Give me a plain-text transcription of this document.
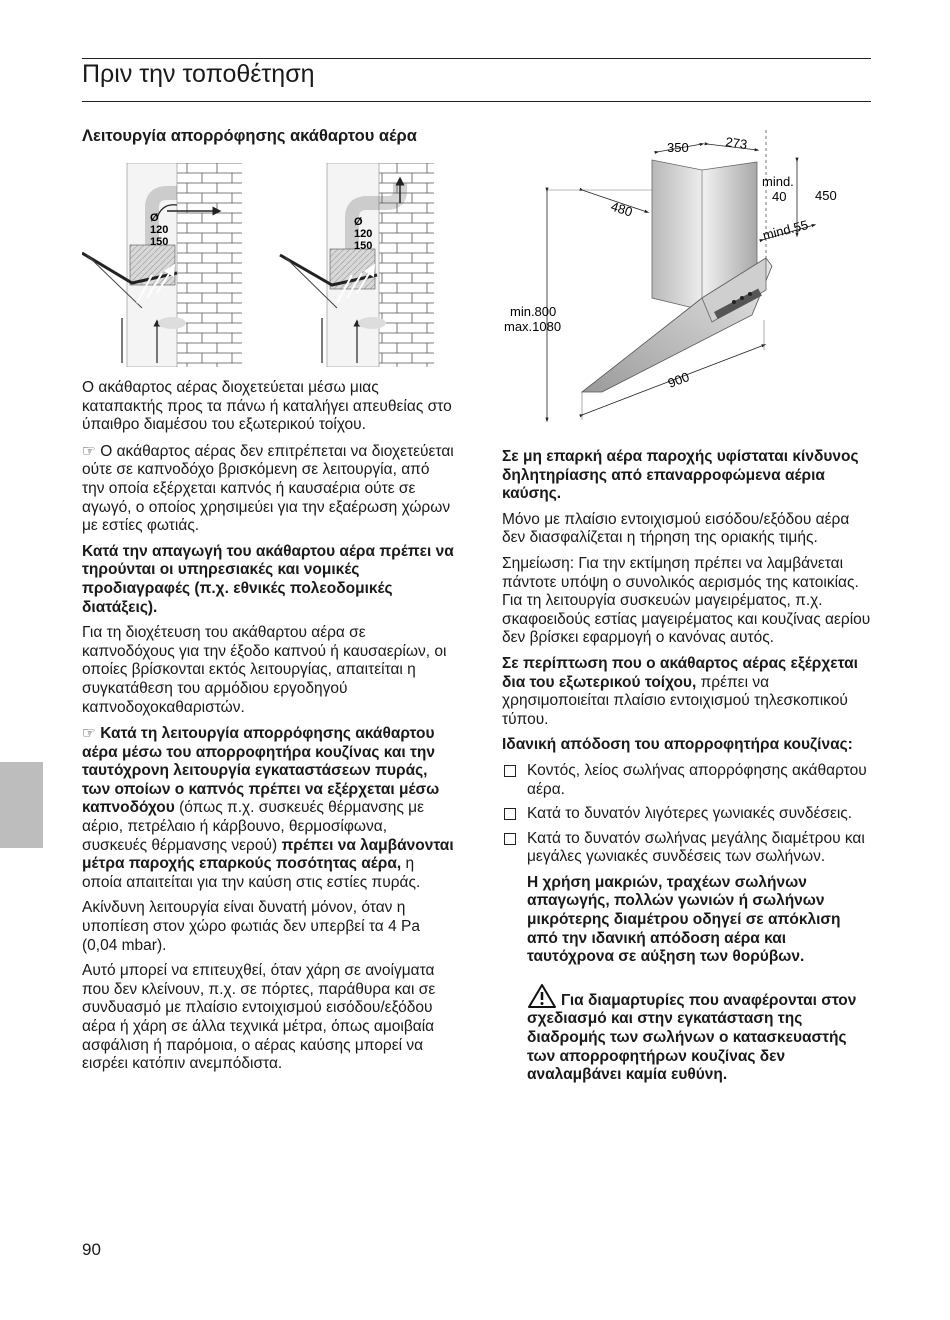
Πριν την τοποθέτηση
Λειτουργία απορρόφησης ακάθαρτου αέρα
Ø
120
150
Ø
120
150

Ο ακάθαρτος αέρας διοχετεύεται μέσω μιας καταπακτής προς τα πάνω ή καταλήγει απευθείας στο ύπαιθρο διαμέσου του εξωτερικού τοίχου.

☞ Ο ακάθαρτος αέρας δεν επιτρέπεται να διοχετεύεται ούτε σε καπνοδόχο βρισκόμενη σε λειτουργία, από την οποία εξέρχεται καπνός ή καυσαέρια ούτε σε αγωγό, ο οποίος χρησιμεύει για την εξαέρωση χώρων με εστίες φωτιάς.

Κατά την απαγωγή του ακάθαρτου αέρα πρέπει να τηρούνται οι υπηρεσιακές και νομικές προδιαγραφές (π.χ. εθνικές πολεοδομικές διατάξεις).

Για τη διοχέτευση του ακάθαρτου αέρα σε καπνοδόχους για την έξοδο καπνού ή καυσαερίων, οι οποίες βρίσκονται εκτός λειτουργίας, απαιτείται η συγκατάθεση του αρμόδιου εργοδηγού καπνοδοχοκαθαριστών.

☞ Κατά τη λειτουργία απορρόφησης ακάθαρτου αέρα μέσω του απορροφητήρα κουζίνας και την ταυτόχρονη λειτουργία εγκαταστάσεων πυράς, των οποίων ο καπνός πρέπει να εξέρχεται μέσω καπνοδόχου (όπως π.χ. συσκευές θέρμανσης με αέριο, πετρέλαιο ή κάρβουνο, θερμοσίφωνα, συσκευές θέρμανσης νερού) πρέπει να λαμβάνονται μέτρα παροχής επαρκούς ποσότητας αέρα, η οποία απαιτείται για την καύση στις εστίες πυράς.

Ακίνδυνη λειτουργία είναι δυνατή μόνον, όταν η υποπίεση στον χώρο φωτιάς δεν υπερβεί τα 4 Pa (0,04 mbar).

Αυτό μπορεί να επιτευχθεί, όταν χάρη σε ανοίγματα που δεν κλείνουν, π.χ. σε πόρτες, παράθυρα και σε συνδυασμό με πλαίσιο εντοιχισμού εισόδου/εξόδου αέρα ή χάρη σε άλλα τεχνικά μέτρα, όπως αμοιβαία ασφάλιση ή παρόμοια, ο αέρας καύσης μπορεί να εισρέει κατόπιν ανεμπόδιστα.

350	273
480
mind.
40 450
mind.55
min.800
max.1080
900

Σε μη επαρκή αέρα παροχής υφίσταται κίνδυνος δηλητηρίασης από επαναρροφώμενα αέρια καύσης.

Μόνο με πλαίσιο εντοιχισμού εισόδου/εξόδου αέρα δεν διασφαλίζεται η τήρηση της οριακής τιμής.

Σημείωση: Για την εκτίμηση πρέπει να λαμβάνεται πάντοτε υπόψη ο συνολικός αερισμός της κατοικίας. Για τη λειτουργία συσκευών μαγειρέματος, π.χ. σκαφοειδούς εστίας μαγειρέματος και κουζίνας αερίου δεν βρίσκει εφαρμογή ο κανόνας αυτός.

Σε περίπτωση που ο ακάθαρτος αέρας εξέρχεται δια του εξωτερικού τοίχου, πρέπει να χρησιμοποιείται πλαίσιο εντοιχισμού τηλεσκοπικού τύπου.

Ιδανική απόδοση του απορροφητήρα κουζίνας:

Κοντός, λείος σωλήνας απορρόφησης ακάθαρτου αέρα.
Κατά το δυνατόν λιγότερες γωνιακές συνδέσεις.
Κατά το δυνατόν σωλήνας μεγάλης διαμέτρου και μεγάλες γωνιακές συνδέσεις των σωλήνων.

Η χρήση μακριών, τραχέων σωλήνων απαγωγής, πολλών γωνιών ή σωλήνων μικρότερης διαμέτρου οδηγεί σε απόκλιση από την ιδανική απόδοση αέρα και ταυτόχρονα σε αύξηση των θορύβων.

Για διαμαρτυρίες που αναφέρονται στον σχεδιασμό και στην εγκατάσταση της διαδρομής των σωλήνων ο κατασκευαστής των απορροφητήρων κουζίνας δεν αναλαμβάνει καμία ευθύνη.

90
